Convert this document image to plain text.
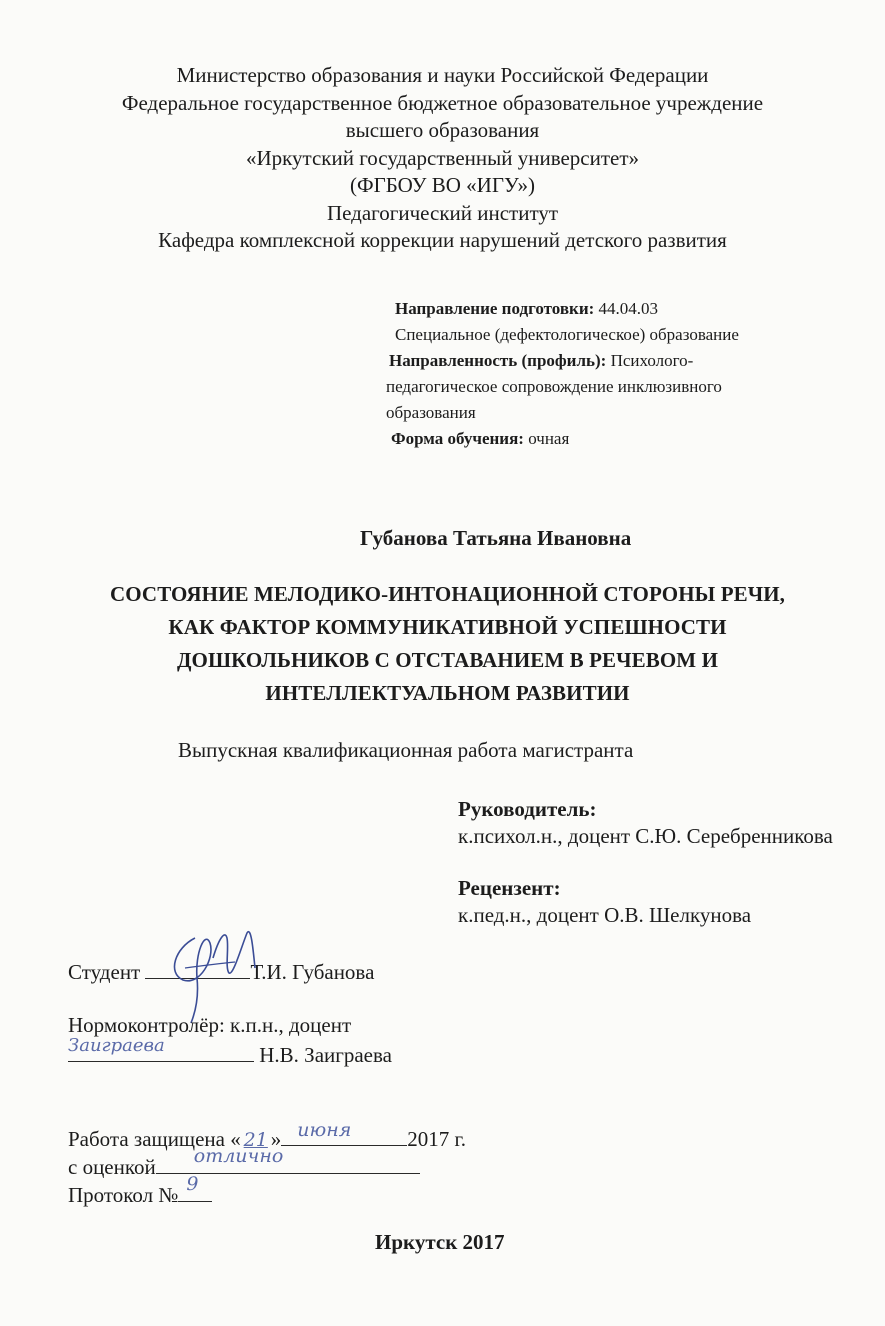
Министерство образования и науки Российской Федерации
Федеральное государственное бюджетное образовательное учреждение
высшего образования
«Иркутский государственный университет»
(ФГБОУ ВО «ИГУ»)
Педагогический институт
Кафедра комплексной коррекции нарушений детского развития
Направление подготовки: 44.04.03
Специальное (дефектологическое) образование
Направленность (профиль): Психолого-
педагогическое сопровождение инклюзивного
образования
Форма обучения: очная
Губанова Татьяна Ивановна
СОСТОЯНИЕ МЕЛОДИКО-ИНТОНАЦИОННОЙ СТОРОНЫ РЕЧИ,
КАК ФАКТОР КОММУНИКАТИВНОЙ УСПЕШНОСТИ
ДОШКОЛЬНИКОВ С ОТСТАВАНИЕМ В РЕЧЕВОМ И
ИНТЕЛЛЕКТУАЛЬНОМ РАЗВИТИИ
Выпускная квалификационная работа магистранта
Руководитель:
к.психол.н., доцент С.Ю. Серебренникова
Рецензент:
к.пед.н., доцент О.В. Шелкунова
Студент	Т.И. Губанова
Нормоконтролёр: к.п.н., доцент
Заиграева	Н.В. Заиграева
Работа защищена « 21 » июня	2017 г.
с оценкой отлично
Протокол № 9
Иркутск 2017
